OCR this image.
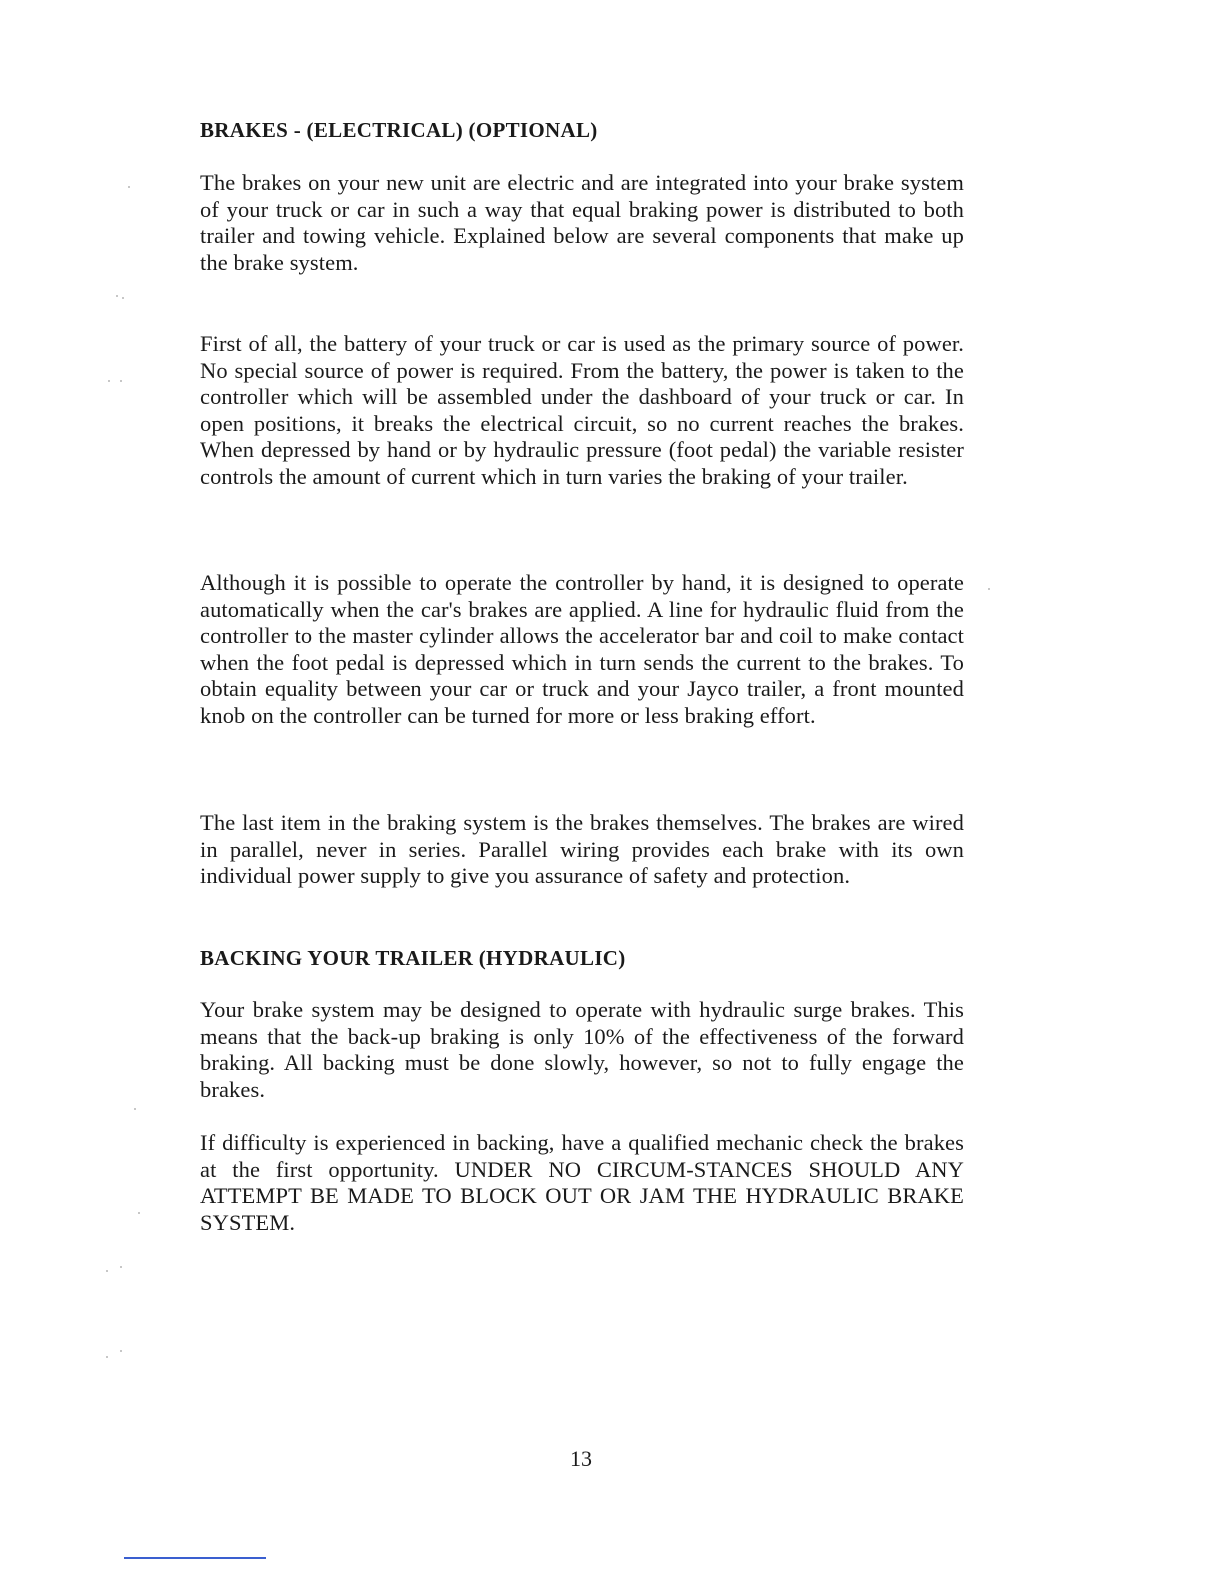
BRAKES - (ELECTRICAL) (OPTIONAL)
The brakes on your new unit are electric and are integrated into your brake system of your truck or car in such a way that equal braking power is distributed to both trailer and towing vehicle. Explained below are several components that make up the brake system.
First of all, the battery of your truck or car is used as the primary source of power. No special source of power is required. From the battery, the power is taken to the controller which will be assembled under the dashboard of your truck or car. In open positions, it breaks the electrical circuit, so no current reaches the brakes. When depressed by hand or by hydraulic pressure (foot pedal) the variable resister controls the amount of current which in turn varies the braking of your trailer.
Although it is possible to operate the controller by hand, it is designed to operate automatically when the car's brakes are applied. A line for hydraulic fluid from the controller to the master cylinder allows the accelerator bar and coil to make contact when the foot pedal is depressed which in turn sends the current to the brakes. To obtain equality between your car or truck and your Jayco trailer, a front mounted knob on the controller can be turned for more or less braking effort.
The last item in the braking system is the brakes themselves. The brakes are wired in parallel, never in series. Parallel wiring provides each brake with its own individual power supply to give you assurance of safety and protection.
BACKING YOUR TRAILER (HYDRAULIC)
Your brake system may be designed to operate with hydraulic surge brakes. This means that the back-up braking is only 10% of the effectiveness of the forward braking. All backing must be done slowly, however, so not to fully engage the brakes.
If difficulty is experienced in backing, have a qualified mechanic check the brakes at the first opportunity. UNDER NO CIRCUM-STANCES SHOULD ANY ATTEMPT BE MADE TO BLOCK OUT OR JAM THE HYDRAULIC BRAKE SYSTEM.
13
